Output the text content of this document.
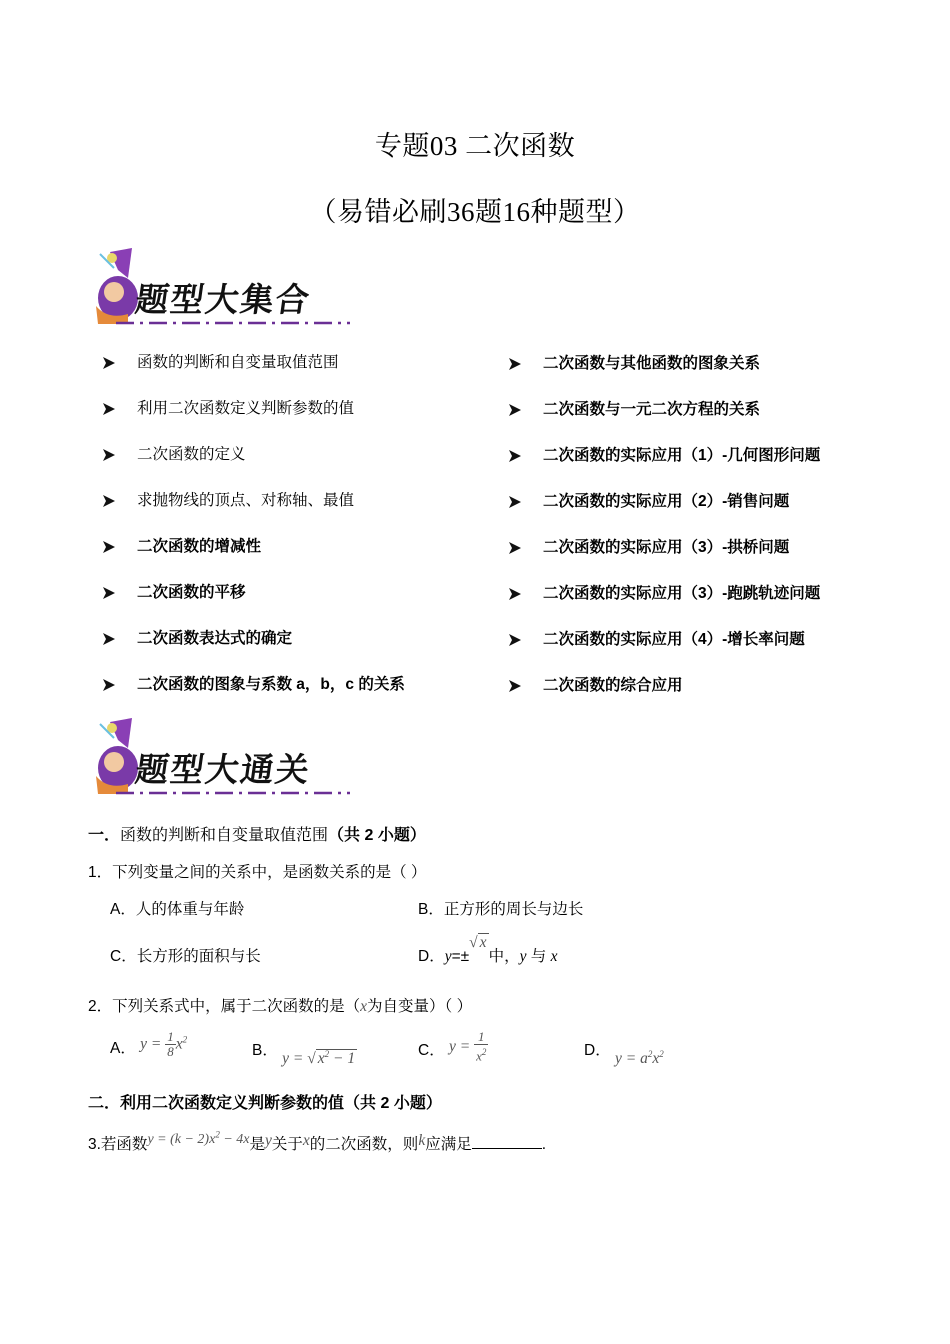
专题03 二次函数
（易错必刷36题16种题型）
题型大集合
函数的判断和自变量取值范围
利用二次函数定义判断参数的值
二次函数的定义
求抛物线的顶点、对称轴、最值
二次函数的增减性
二次函数的平移
二次函数表达式的确定
二次函数的图象与系数 a，b，c 的关系
二次函数与其他函数的图象关系
二次函数与一元二次方程的关系
二次函数的实际应用（1）-几何图形问题
二次函数的实际应用（2）-销售问题
二次函数的实际应用（3）-拱桥问题
二次函数的实际应用（3）-跑跳轨迹问题
二次函数的实际应用（4）-增长率问题
二次函数的综合应用
题型大通关
一．函数的判断和自变量取值范围（共 2 小题）
1．下列变量之间的关系中，是函数关系的是（ ）
A．人的体重与年龄	B．正方形的周长与边长
C．长方形的面积与长	D．y=±√ x中，y 与 x
2．下列关系式中，属于二次函数的是（x为自变量）（ ）
A． $y = \frac{1}{8} x^2$
B． y = √ $x^2 - 1$	C． $y = \frac{1}{x^2}$	D． $y = a^2x^2$
二．利用二次函数定义判断参数的值（共 2 小题）
3.若函数$y = (k - 2)x^2 - 4x$是y关于x的二次函数，则k应满足	.
